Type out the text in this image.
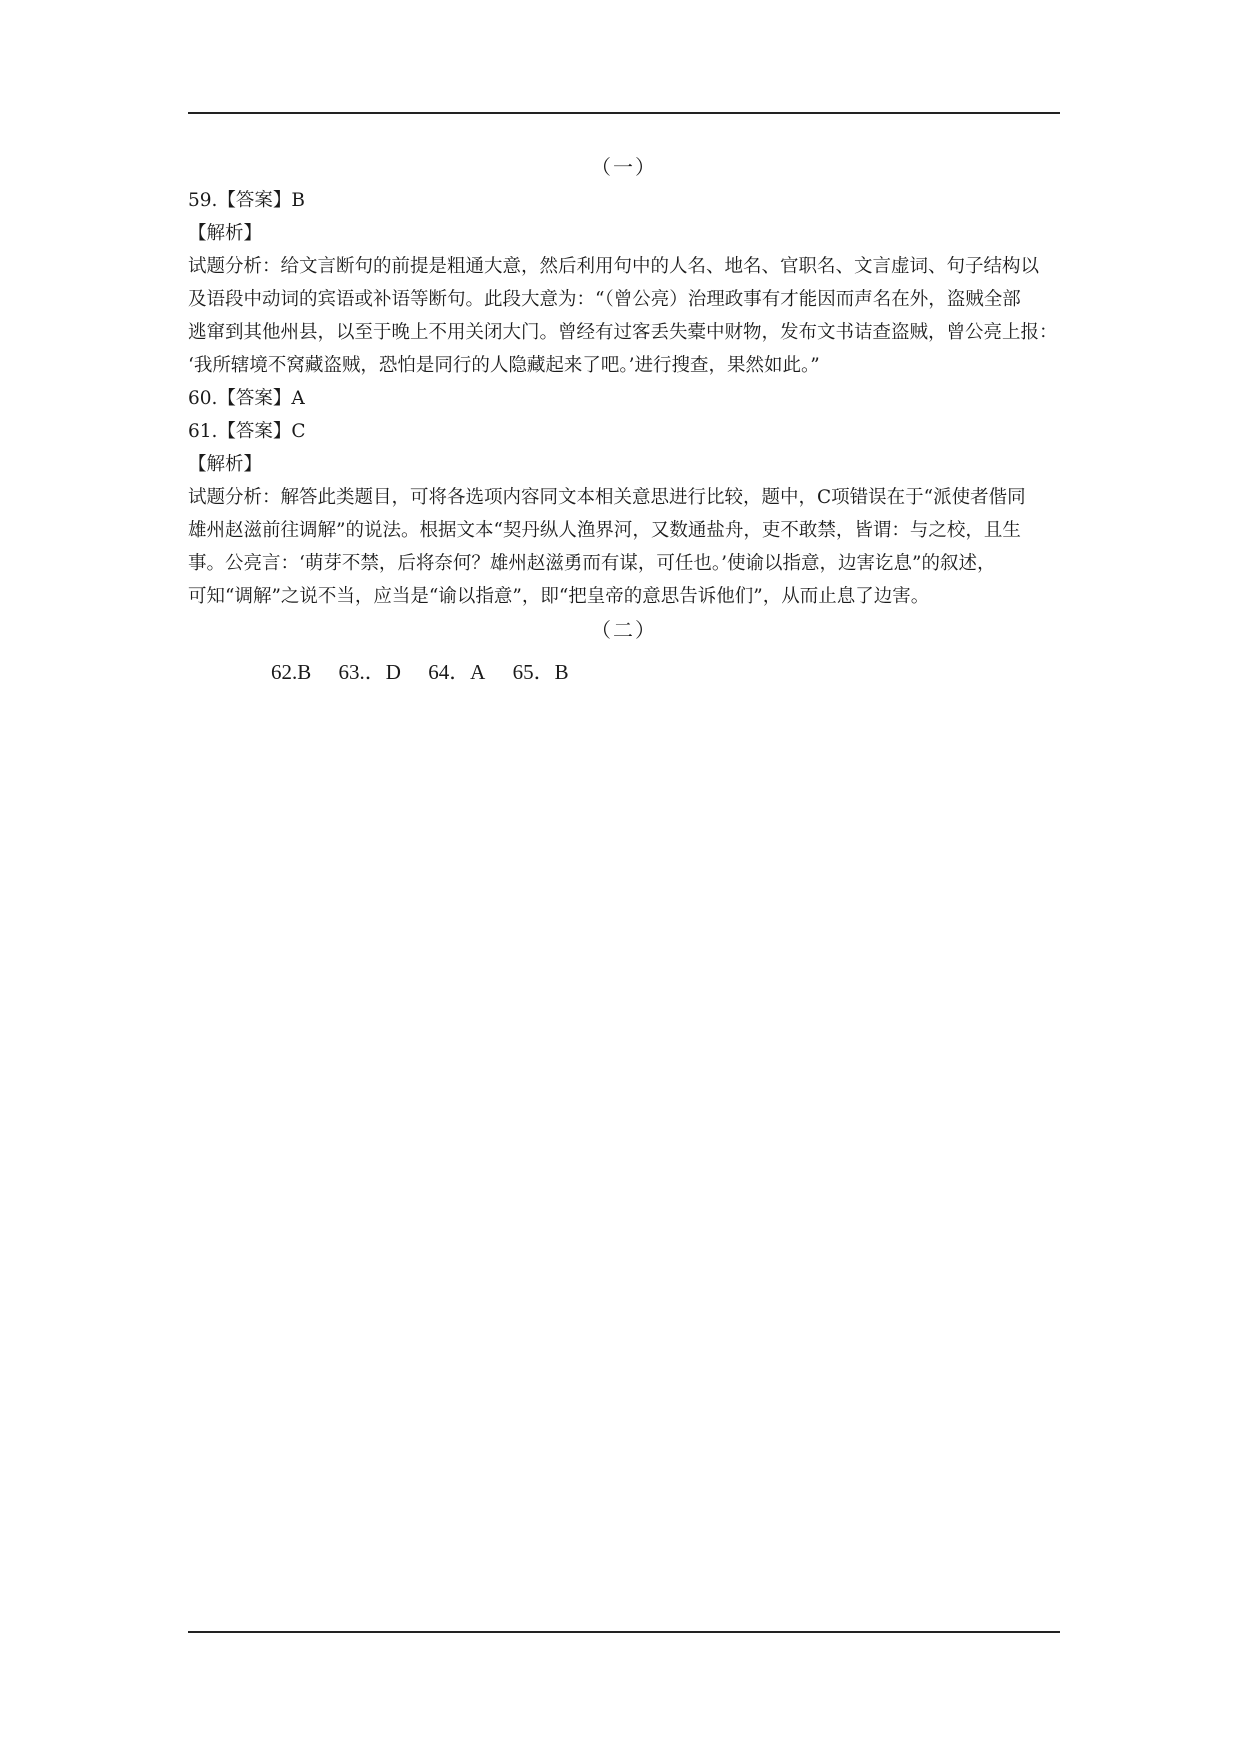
（一）
59.【答案】B
【解析】
试题分析：给文言断句的前提是粗通大意，然后利用句中的人名、地名、官职名、文言虚词、句子结构以
及语段中动词的宾语或补语等断句。此段大意为：“（曾公亮）治理政事有才能因而声名在外，盗贼全部
逃窜到其他州县，以至于晚上不用关闭大门。曾经有过客丢失橐中财物，发布文书诘查盗贼，曾公亮上报：
‘我所辖境不窝藏盗贼，恐怕是同行的人隐藏起来了吧。’进行搜查，果然如此。”
60.【答案】A
61.【答案】C
【解析】
试题分析：解答此类题目，可将各选项内容同文本相关意思进行比较，题中，C项错误在于“派使者偕同
雄州赵滋前往调解”的说法。根据文本“契丹纵人渔界河，又数通盐舟，吏不敢禁，皆谓：与之校，且生
事。公亮言：‘萌芽不禁，后将奈何？雄州赵滋勇而有谋，可任也。’使谕以指意，边害讫息”的叙述，
可知“调解”之说不当，应当是“谕以指意”，即“把皇帝的意思告诉他们”，从而止息了边害。
（二）
62.B 63.．D 64．A 65．B
